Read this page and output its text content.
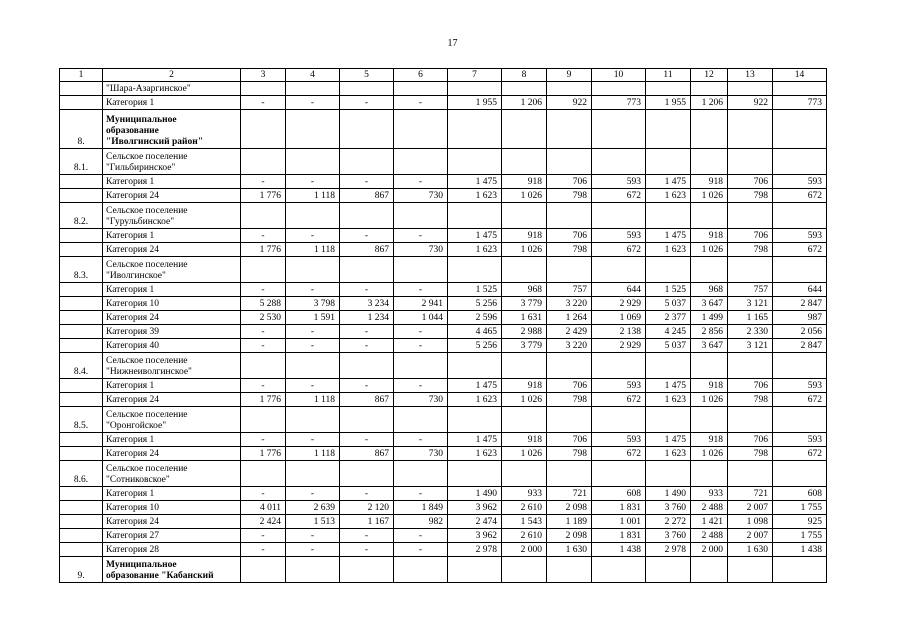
17
1	2	3	4	5	6	7	8	9	10	11	12	13	14
	"Шара-Азаргинское"												
	Категория 1	-	-	-	-	1 955	1 206	922	773	1 955	1 206	922	773
8.	Муниципальное
образование
"Иволгинский район"												
8.1.	Сельское поселение
"Гильбиринское"												
	Категория 1	-	-	-	-	1 475	918	706	593	1 475	918	706	593
	Категория 24	1 776	1 118	867	730	1 623	1 026	798	672	1 623	1 026	798	672
8.2.	Сельское поселение
"Гурульбинское"												
	Категория 1	-	-	-	-	1 475	918	706	593	1 475	918	706	593
	Категория 24	1 776	1 118	867	730	1 623	1 026	798	672	1 623	1 026	798	672
8.3.	Сельское поселение
"Иволгинское"												
	Категория 1	-	-	-	-	1 525	968	757	644	1 525	968	757	644
	Категория 10	5 288	3 798	3 234	2 941	5 256	3 779	3 220	2 929	5 037	3 647	3 121	2 847
	Категория 24	2 530	1 591	1 234	1 044	2 596	1 631	1 264	1 069	2 377	1 499	1 165	987
	Категория 39	-	-	-	-	4 465	2 988	2 429	2 138	4 245	2 856	2 330	2 056
	Категория 40	-	-	-	-	5 256	3 779	3 220	2 929	5 037	3 647	3 121	2 847
8.4.	Сельское поселение
"Нижнеиволгинское"												
	Категория 1	-	-	-	-	1 475	918	706	593	1 475	918	706	593
	Категория 24	1 776	1 118	867	730	1 623	1 026	798	672	1 623	1 026	798	672
8.5.	Сельское поселение
"Оронгойское"												
	Категория 1	-	-	-	-	1 475	918	706	593	1 475	918	706	593
	Категория 24	1 776	1 118	867	730	1 623	1 026	798	672	1 623	1 026	798	672
8.6.	Сельское поселение
"Сотниковское"												
	Категория 1	-	-	-	-	1 490	933	721	608	1 490	933	721	608
	Категория 10	4 011	2 639	2 120	1 849	3 962	2 610	2 098	1 831	3 760	2 488	2 007	1 755
	Категория 24	2 424	1 513	1 167	982	2 474	1 543	1 189	1 001	2 272	1 421	1 098	925
	Категория 27	-	-	-	-	3 962	2 610	2 098	1 831	3 760	2 488	2 007	1 755
	Категория 28	-	-	-	-	2 978	2 000	1 630	1 438	2 978	2 000	1 630	1 438
9.	Муниципальное
образование "Кабанский												
